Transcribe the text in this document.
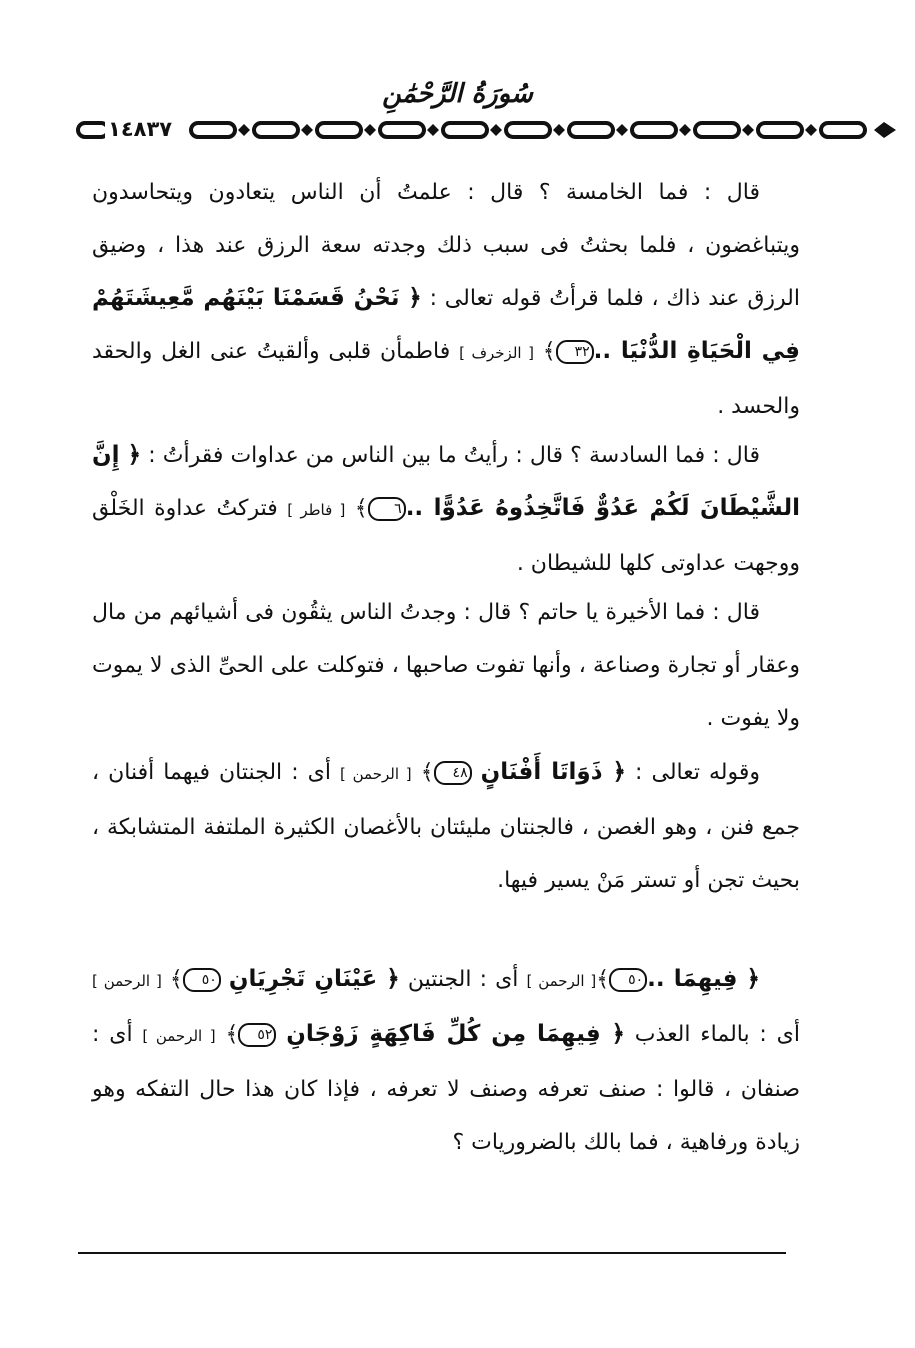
سُورَةُ الرَّحْمَٰنِ
١٤٨٣٧
قال : فما الخامسة ؟ قال : علمتُ أن الناس يتعادون ويتحاسدون ويتباغضون ، فلما بحثتُ فى سبب ذلك وجدته سعة الرزق عند هذا ، وضيق الرزق عند ذاك ، فلما قرأتُ قوله تعالى : ﴿ نَحْنُ قَسَمْنَا بَيْنَهُم مَّعِيشَتَهُمْ فِي الْحَيَاةِ الدُّنْيَا ..٣٢﴾ [ الزخرف ] فاطمأن قلبى وألقيتُ عنى الغل والحقد والحسد .
قال : فما السادسة ؟ قال : رأيتُ ما بين الناس من عداوات فقرأتُ : ﴿ إِنَّ الشَّيْطَانَ لَكُمْ عَدُوٌّ فَاتَّخِذُوهُ عَدُوًّا ..٦﴾ [ فاطر ] فتركتُ عداوة الخَلْق ووجهت عداوتى كلها للشيطان .
قال : فما الأخيرة يا حاتم ؟ قال : وجدتُ الناس يثقُون فى أشيائهم من مال وعقار أو تجارة وصناعة ، وأنها تفوت صاحبها ، فتوكلت على الحىِّ الذى لا يموت ولا يفوت .
وقوله تعالى : ﴿ ذَوَاتَا أَفْنَانٍ ٤٨﴾ [ الرحمن ] أى : الجنتان فيهما أفنان ، جمع فنن ، وهو الغصن ، فالجنتان مليئتان بالأغصان الكثيرة الملتفة المتشابكة ، بحيث تجن أو تستر مَنْ يسير فيها.
﴿ فِيهِمَا ..٥٠﴾[ الرحمن ] أى : الجنتين ﴿ عَيْنَانِ تَجْرِيَانِ ٥٠﴾ [ الرحمن ] أى : بالماء العذب ﴿ فِيهِمَا مِن كُلِّ فَاكِهَةٍ زَوْجَانِ ٥٢﴾ [ الرحمن ] أى : صنفان ، قالوا : صنف تعرفه وصنف لا تعرفه ، فإذا كان هذا حال التفكه وهو زيادة ورفاهية ، فما بالك بالضروريات ؟
